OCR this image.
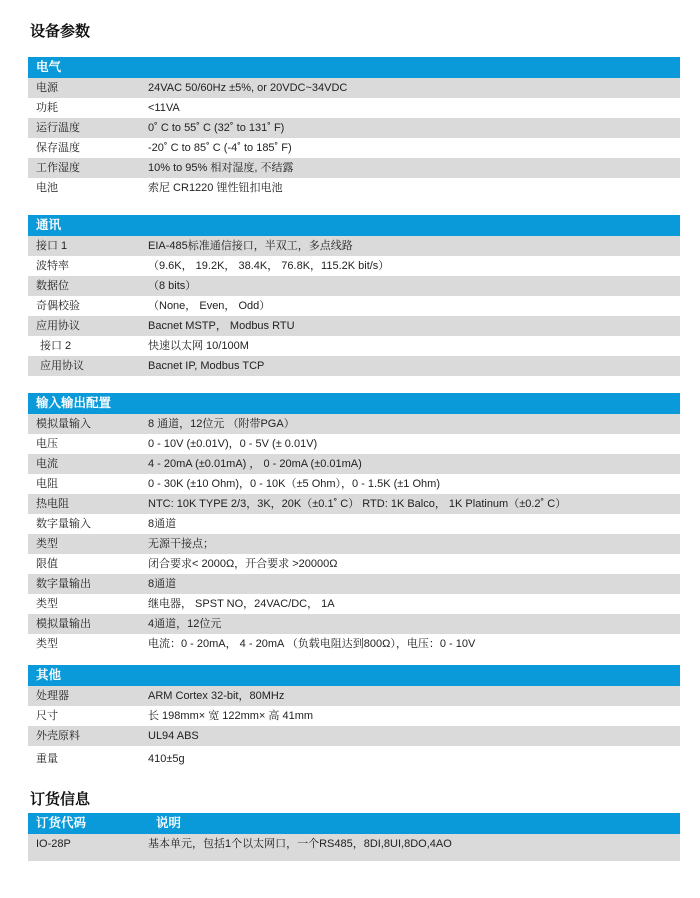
设备参数
电气
电源	24VAC 50/60Hz ±5%, or 20VDC~34VDC
功耗	<11VA
运行温度	0˚ C to 55˚ C (32˚ to 131˚ F)
保存温度	-20˚ C to 85˚ C (-4˚ to 185˚ F)
工作湿度	10% to 95% 相对湿度, 不结露
电池	索尼 CR1220 锂性钮扣电池
通讯
接口 1	EIA-485标准通信接口，半双工，多点线路
波特率	（9.6K， 19.2K， 38.4K， 76.8K，115.2K bit/s）
数据位	（8 bits）
奇偶校验	（None， Even， Odd）
应用协议	Bacnet MSTP， Modbus RTU
接口 2	快速以太网 10/100M
应用协议	Bacnet IP, Modbus TCP
输入输出配置
模拟量输入	8 通道，12位元 （附带PGA）
电压	0 - 10V (±0.01V)，0 - 5V (± 0.01V)
电流	4 - 20mA (±0.01mA) ， 0 - 20mA (±0.01mA)
电阻	0 - 30K (±10 Ohm)，0 - 10K（±5 Ohm），0 - 1.5K (±1 Ohm)
热电阻	NTC: 10K TYPE 2/3，3K，20K（±0.1˚ C） RTD: 1K Balco， 1K Platinum（±0.2˚ C）
数字量输入	8通道
类型	无源干接点；
限值	闭合要求< 2000Ω，开合要求 >20000Ω
数字量输出	8通道
类型	继电器， SPST NO，24VAC/DC， 1A
模拟量输出	4通道，12位元
类型	电流：0 - 20mA， 4 - 20mA （负载电阻达到800Ω），电压：0 - 10V
其他
处理器	ARM Cortex 32-bit，80MHz
尺寸	长 198mm× 宽 122mm× 高 41mm
外壳原料	UL94 ABS
重量	410±5g
订货信息
订货代码	说明
IO-28P	基本单元，包括1个以太网口，一个RS485，8DI,8UI,8DO,4AO
